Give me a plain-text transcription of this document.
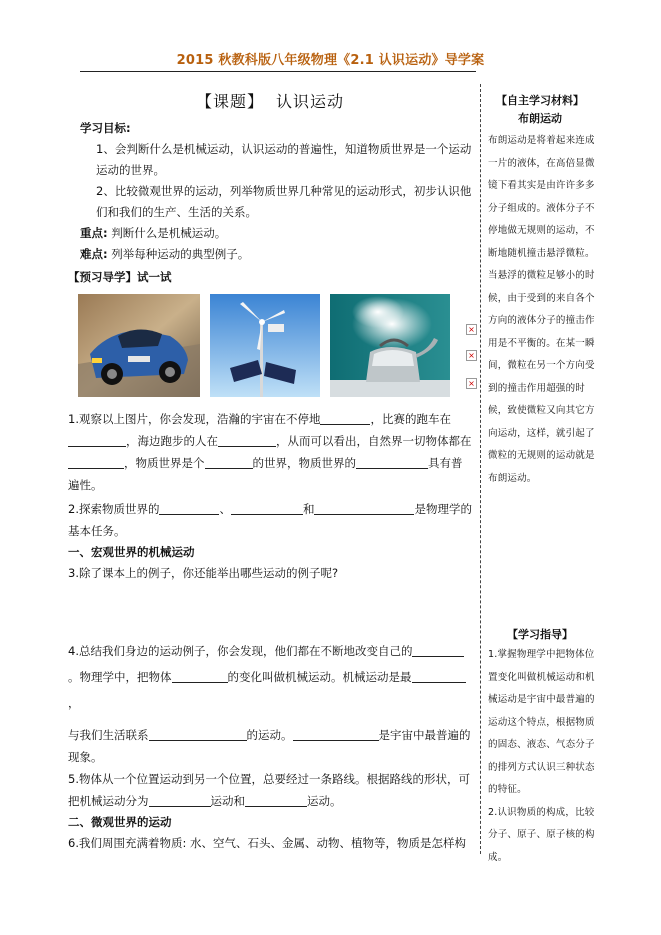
2015 秋教科版八年级物理《2.1 认识运动》导学案
【课题】 认识运动

学习目标:

1、会判断什么是机械运动，认识运动的普遍性，知道物质世界是一个运动运动的世界。

2、比较微观世界的运动，列举物质世界几种常见的运动形式，初步认识他们和我们的生产、生活的关系。

重点: 判断什么是机械运动。

难点: 列举每种运动的典型例子。

【预习导学】试一试

×
×
×

1.观察以上图片，你会发现，浩瀚的宇宙在不停地	，比赛的跑车在，海边跑步的人在	，从而可以看出，自然界一切物体都在，物质世界是个	的世界，物质世界的	具有普遍性。

2.探索物质世界的	、	和	是物理学的基本任务。

一、宏观世界的机械运动

3.除了课本上的例子，你还能举出哪些运动的例子呢?

4.总结我们身边的运动例子，你会发现，他们都在不断地改变自己的。物理学中，把物体	的变化叫做机械运动。机械运动是最，

与我们生活联系	的运动。	是宇宙中最普遍的现象。

5.物体从一个位置运动到另一个位置，总要经过一条路线。根据路线的形状，可把机械运动分为	运动和	运动。

二、微观世界的运动

6.我们周围充满着物质: 水、空气、石头、金属、动物、植物等，物质是怎样构

【自主学习材料】
布朗运动
布朗运动是将着起来连成一片的液体，在高倍显微镜下看其实是由许许多多分子组成的。液体分子不停地做无规则的运动，不断地随机撞击悬浮微粒。当悬浮的微粒足够小的时候，由于受到的来自各个方向的液体分子的撞击作用是不平衡的。在某一瞬间，微粒在另一个方向受到的撞击作用超强的时候，致使微粒又向其它方向运动，这样，就引起了微粒的无规则的运动就是布朗运动。
【学习指导】
1.掌握物理学中把物体位置变化叫做机械运动和机械运动是宇宙中最普遍的运动这个特点，根据物质的固态、液态、气态分子的排列方式认识三种状态的特征。
2.认识物质的构成，比较分子、原子、原子核的构成。
